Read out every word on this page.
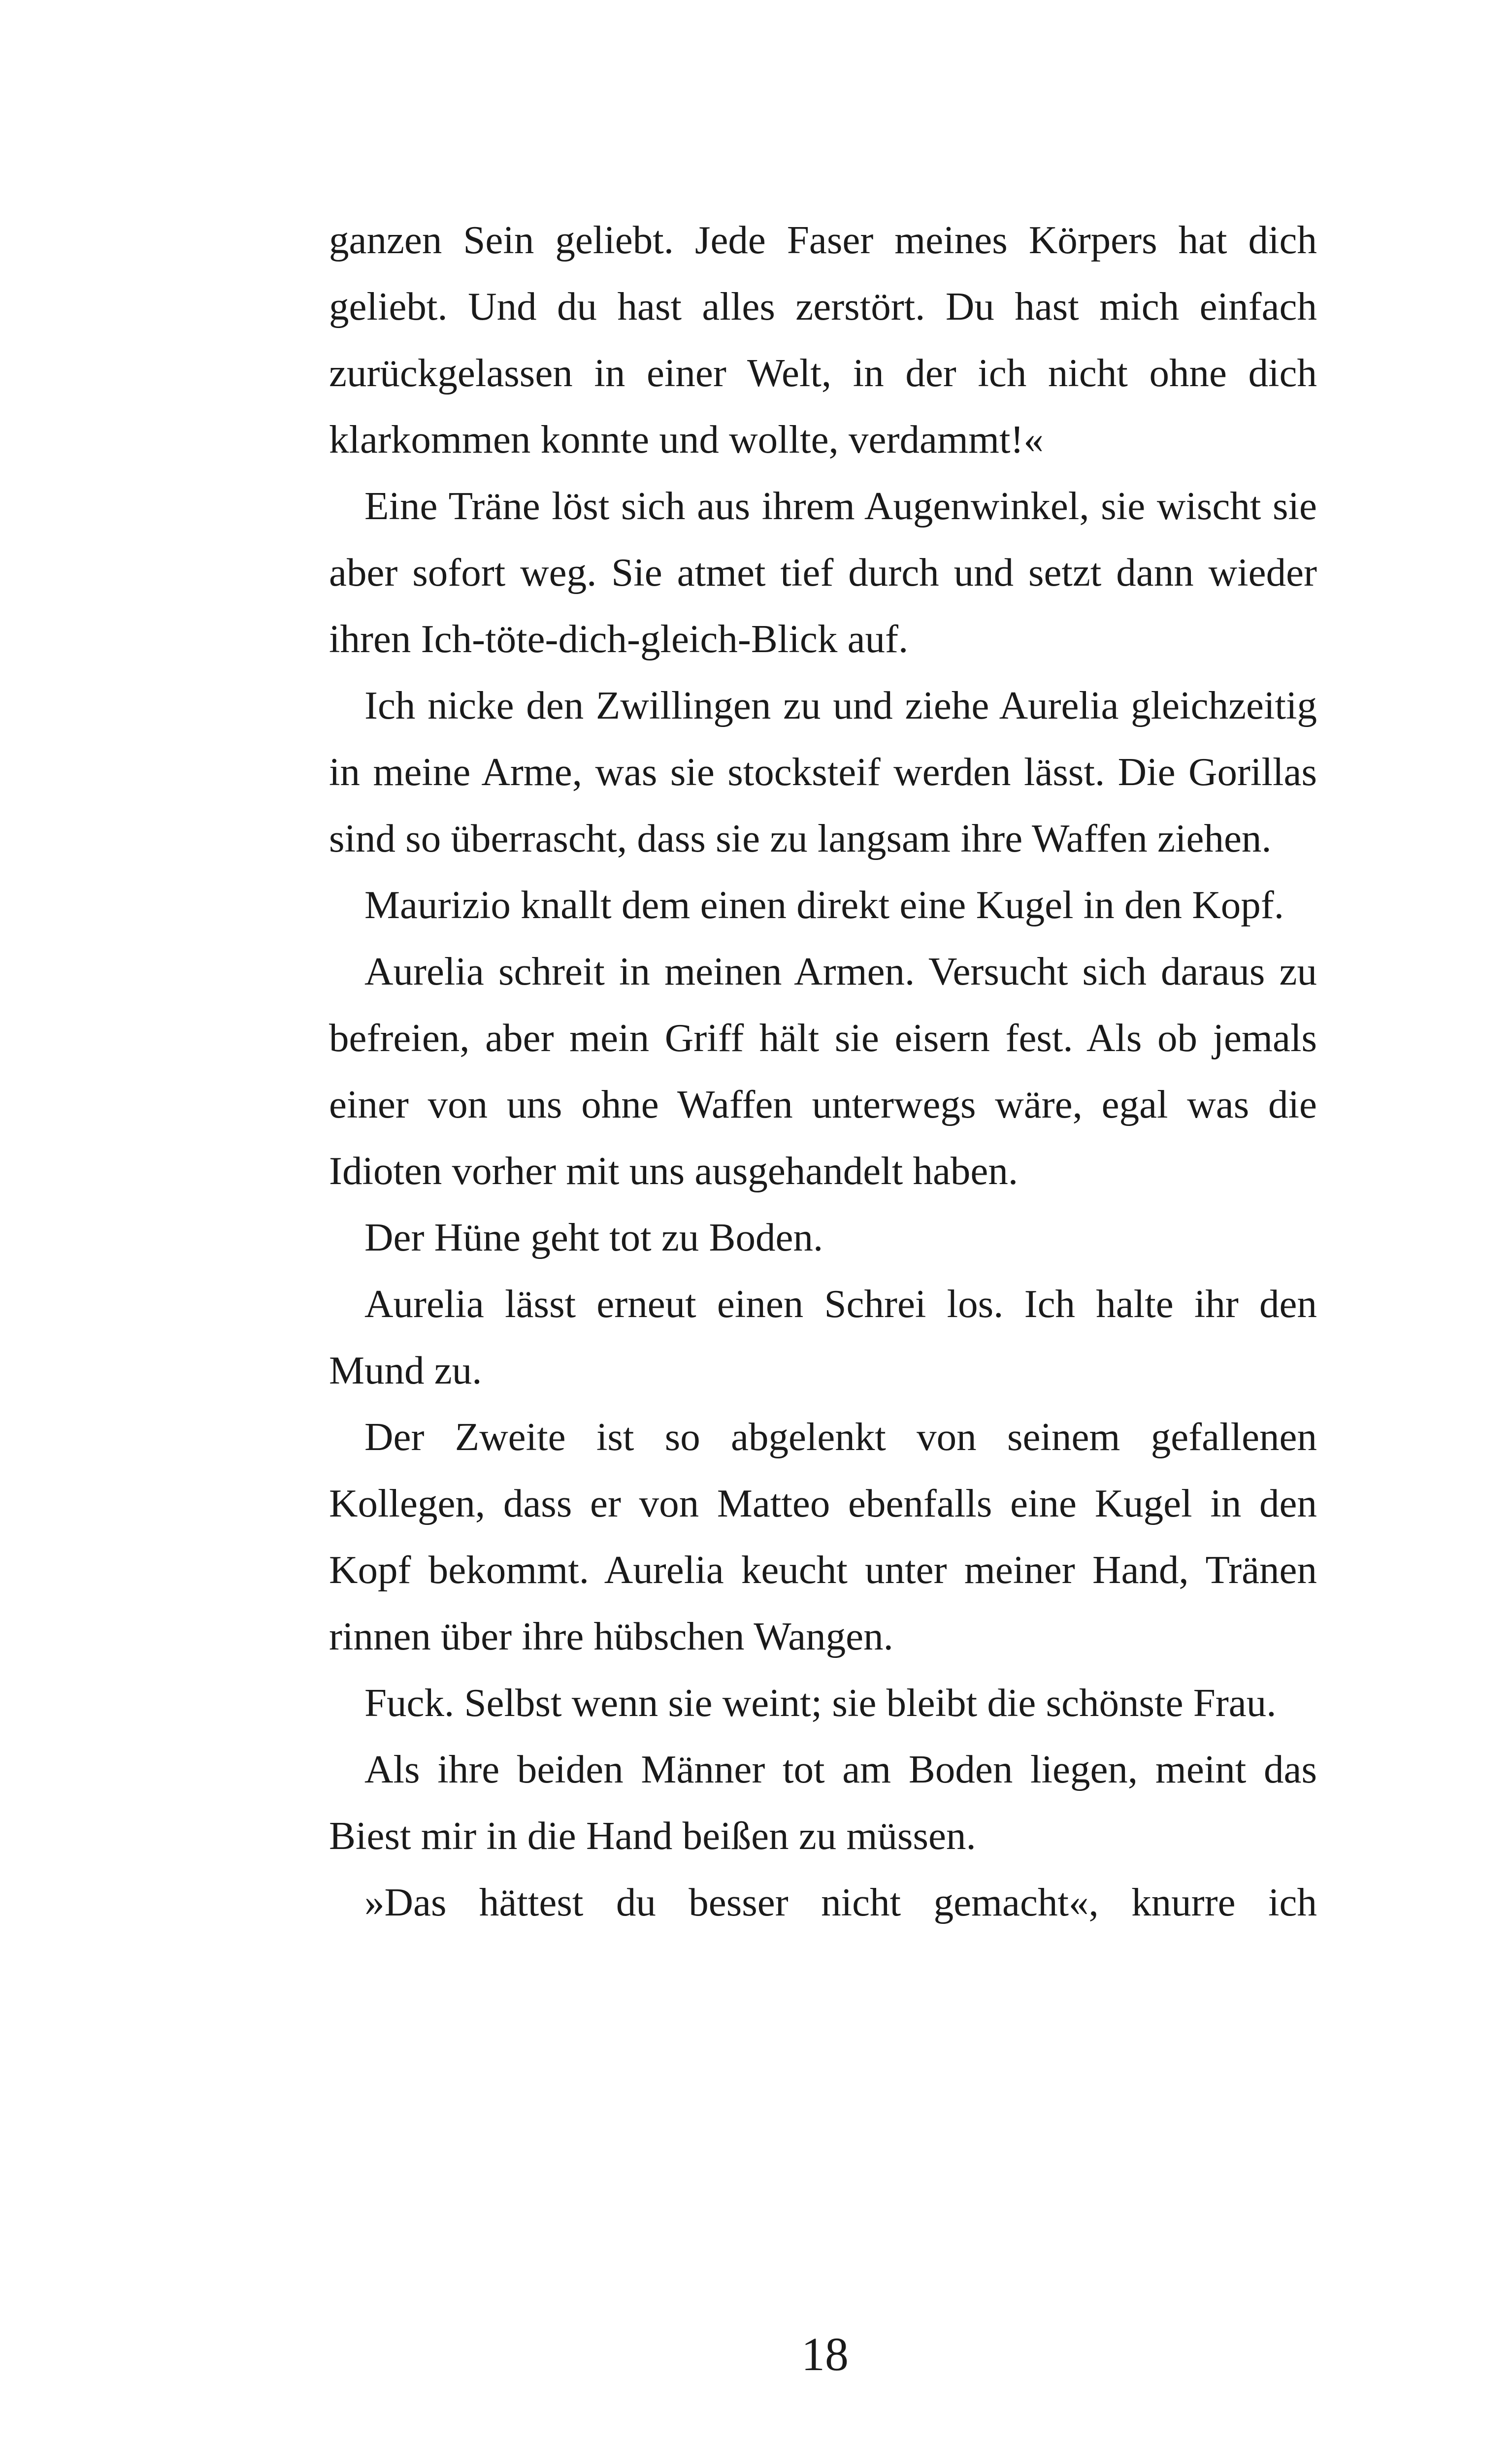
ganzen Sein geliebt. Jede Faser meines Körpers hat dich geliebt. Und du hast alles zerstört. Du hast mich einfach zurückgelassen in einer Welt, in der ich nicht ohne dich klarkommen konnte und wollte, verdammt!«

Eine Träne löst sich aus ihrem Augenwinkel, sie wischt sie aber sofort weg. Sie atmet tief durch und setzt dann wieder ihren Ich-töte-dich-gleich-Blick auf.

Ich nicke den Zwillingen zu und ziehe Aurelia gleichzeitig in meine Arme, was sie stocksteif werden lässt. Die Gorillas sind so überrascht, dass sie zu langsam ihre Waffen ziehen.

Maurizio knallt dem einen direkt eine Kugel in den Kopf.

Aurelia schreit in meinen Armen. Versucht sich daraus zu befreien, aber mein Griff hält sie eisern fest. Als ob jemals einer von uns ohne Waffen unterwegs wäre, egal was die Idioten vorher mit uns ausgehandelt haben.

Der Hüne geht tot zu Boden.

Aurelia lässt erneut einen Schrei los. Ich halte ihr den Mund zu.

Der Zweite ist so abgelenkt von seinem gefallenen Kollegen, dass er von Matteo ebenfalls eine Kugel in den Kopf bekommt. Aurelia keucht unter meiner Hand, Tränen rinnen über ihre hübschen Wangen.

Fuck. Selbst wenn sie weint; sie bleibt die schönste Frau.

Als ihre beiden Männer tot am Boden liegen, meint das Biest mir in die Hand beißen zu müssen.

»Das hättest du besser nicht gemacht«, knurre ich

18
